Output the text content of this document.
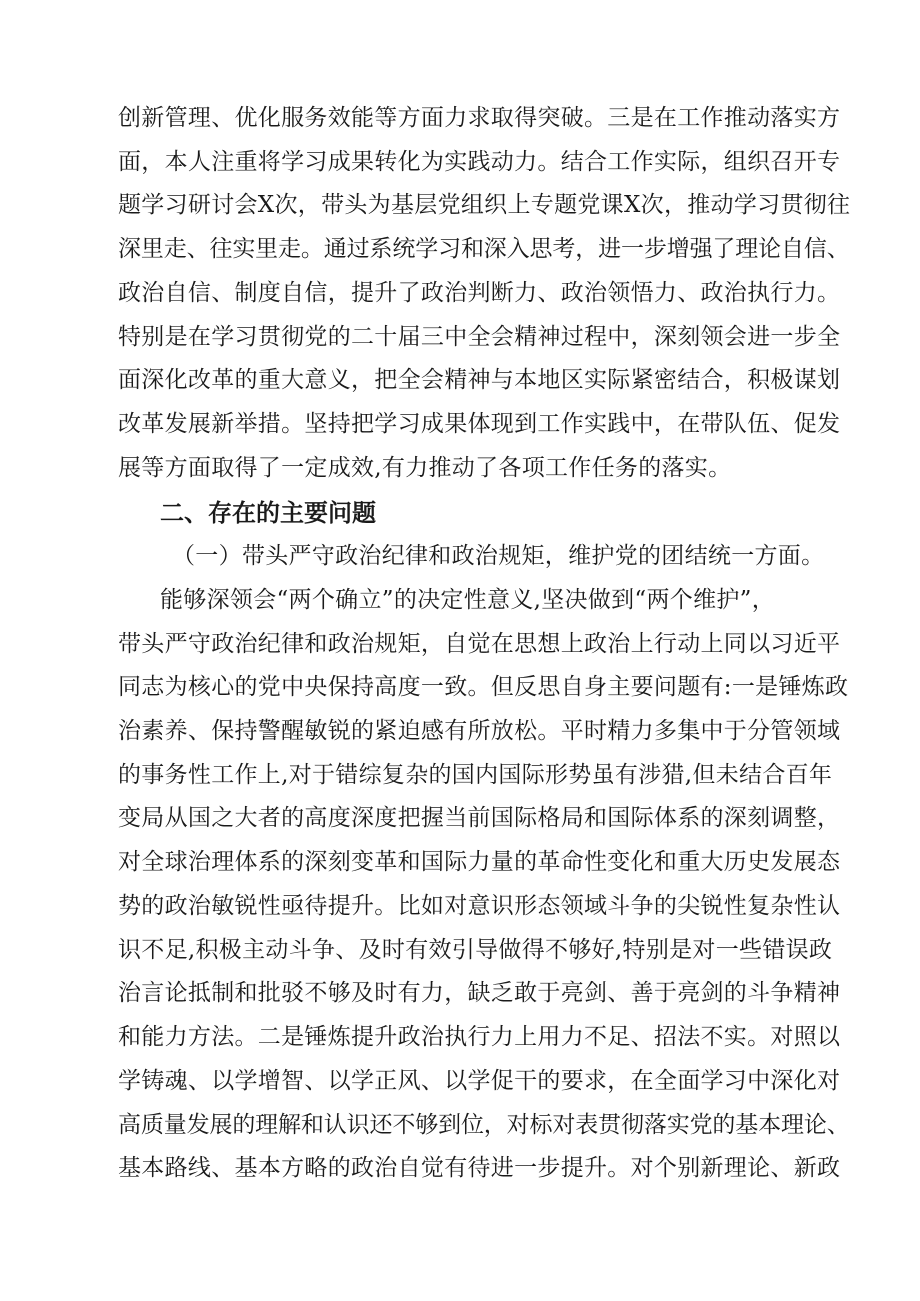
创新管理、优化服务效能等方面力求取得突破。三是在工作推动落实方
面，本人注重将学习成果转化为实践动力。结合工作实际，组织召开专
题学习研讨会X次，带头为基层党组织上专题党课X次，推动学习贯彻往
深里走、往实里走。通过系统学习和深入思考，进一步增强了理论自信、
政治自信、制度自信，提升了政治判断力、政治领悟力、政治执行力。
特别是在学习贯彻党的二十届三中全会精神过程中，深刻领会进一步全
面深化改革的重大意义，把全会精神与本地区实际紧密结合，积极谋划
改革发展新举措。坚持把学习成果体现到工作实践中，在带队伍、促发
展等方面取得了一定成效,有力推动了各项工作任务的落实。
二、存在的主要问题
（一）带头严守政治纪律和政治规矩，维护党的团结统一方面。
能够深领会“两个确立”的决定性意义,坚决做到“两个维护”，
带头严守政治纪律和政治规矩，自觉在思想上政治上行动上同以习近平
同志为核心的党中央保持高度一致。但反思自身主要问题有:一是锤炼政
治素养、保持警醒敏锐的紧迫感有所放松。平时精力多集中于分管领域
的事务性工作上,对于错综复杂的国内国际形势虽有涉猎,但未结合百年
变局从国之大者的高度深度把握当前国际格局和国际体系的深刻调整，
对全球治理体系的深刻变革和国际力量的革命性变化和重大历史发展态
势的政治敏锐性亟待提升。比如对意识形态领域斗争的尖锐性复杂性认
识不足,积极主动斗争、及时有效引导做得不够好,特别是对一些错误政
治言论抵制和批驳不够及时有力，缺乏敢于亮剑、善于亮剑的斗争精神
和能力方法。二是锤炼提升政治执行力上用力不足、招法不实。对照以
学铸魂、以学增智、以学正风、以学促干的要求，在全面学习中深化对
高质量发展的理解和认识还不够到位，对标对表贯彻落实党的基本理论、
基本路线、基本方略的政治自觉有待进一步提升。对个别新理论、新政
